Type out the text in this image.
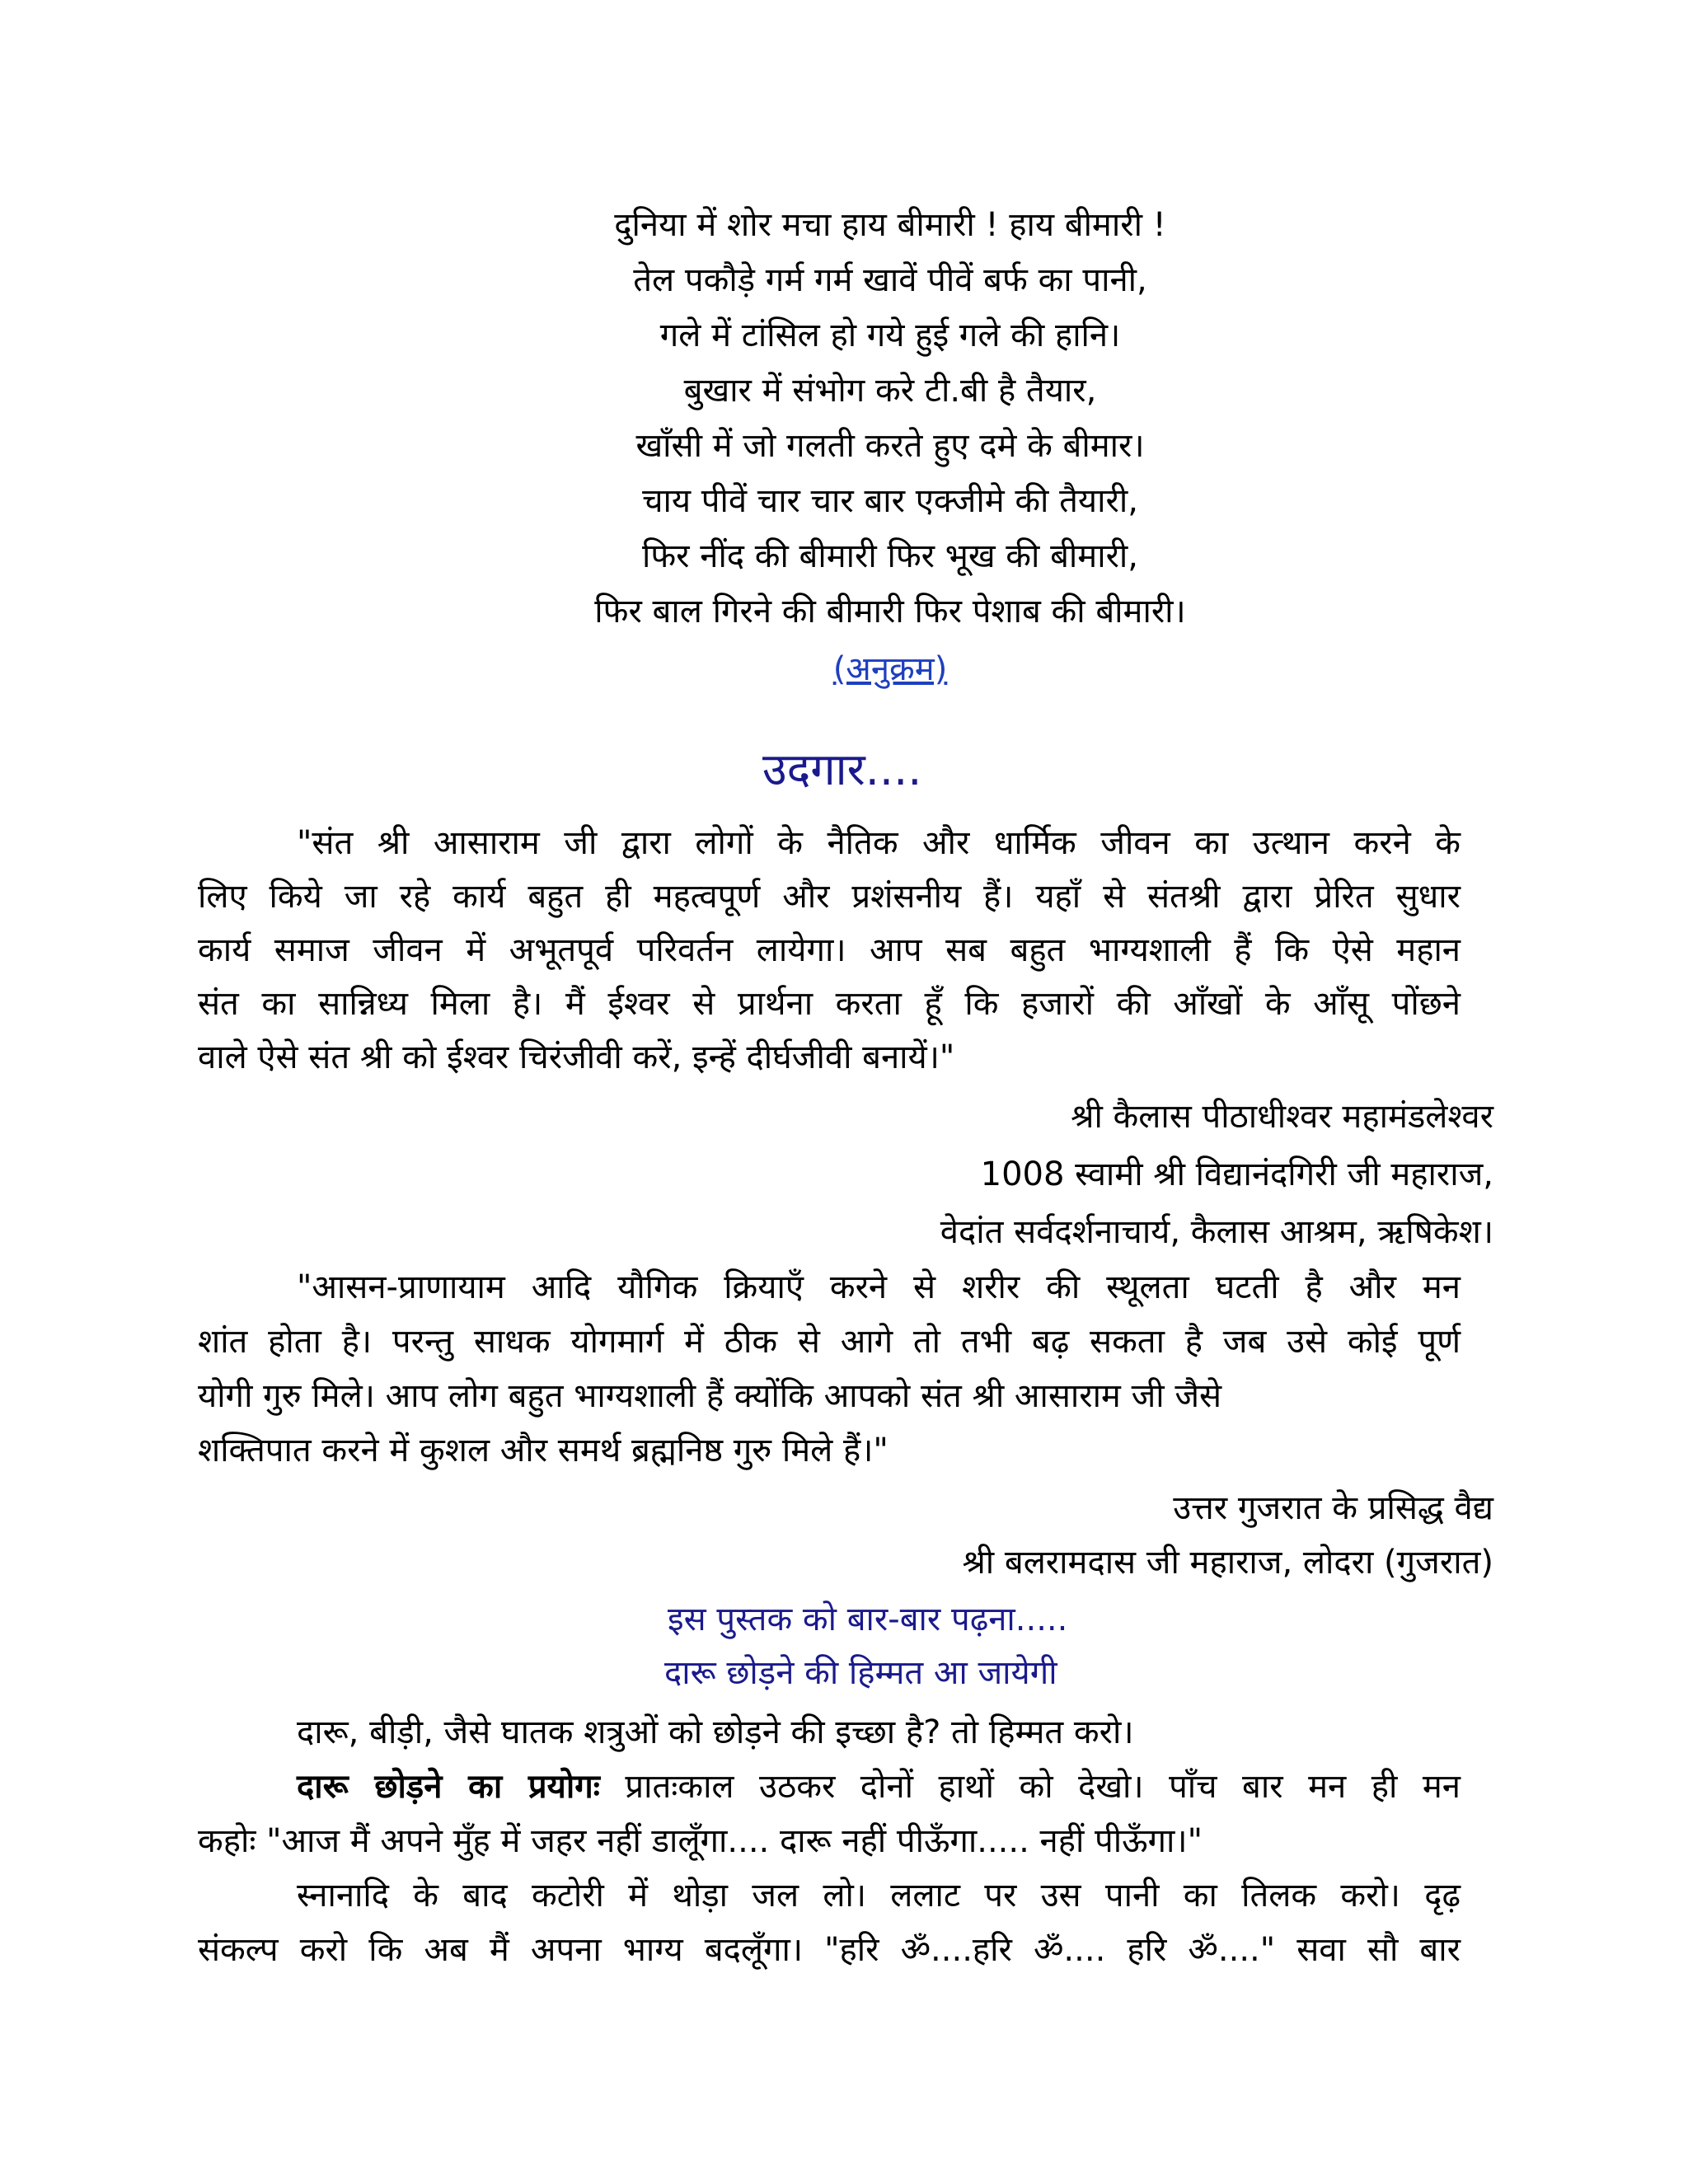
दुनिया में शोर मचा हाय बीमारी ! हाय बीमारी !
तेल पकौड़े गर्म गर्म खावें पीवें बर्फ का पानी,
गले में टांसिल हो गये हुई गले की हानि।
बुखार में संभोग करे टी.बी है तैयार,
खाँसी में जो गलती करते हुए दमे के बीमार।
चाय पीवें चार चार बार एक्जीमे की तैयारी,
फिर नींद की बीमारी फिर भूख की बीमारी,
फिर बाल गिरने की बीमारी फिर पेशाब की बीमारी।
(अनुक्रम)
उदगार....
"संत श्री आसाराम जी द्वारा लोगों के नैतिक और धार्मिक जीवन का उत्थान करने के
लिए किये जा रहे कार्य बहुत ही महत्वपूर्ण और प्रशंसनीय हैं। यहाँ से संतश्री द्वारा प्रेरित सुधार
कार्य समाज जीवन में अभूतपूर्व परिवर्तन लायेगा। आप सब बहुत भाग्यशाली हैं कि ऐसे महान
संत का सान्निध्य मिला है। मैं ईश्वर से प्रार्थना करता हूँ कि हजारों की आँखों के आँसू पोंछने
वाले ऐसे संत श्री को ईश्वर चिरंजीवी करें, इन्हें दीर्घजीवी बनायें।"
श्री कैलास पीठाधीश्वर महामंडलेश्वर
1008 स्वामी श्री विद्यानंदगिरी जी महाराज,
वेदांत सर्वदर्शनाचार्य, कैलास आश्रम, ऋषिकेश।
"आसन-प्राणायाम आदि यौगिक क्रियाएँ करने से शरीर की स्थूलता घटती है और मन
शांत होता है। परन्तु साधक योगमार्ग में ठीक से आगे तो तभी बढ़ सकता है जब उसे कोई पूर्ण
योगी गुरु मिले। आप लोग बहुत भाग्यशाली हैं क्योंकि आपको संत श्री आसाराम जी जैसे
शक्तिपात करने में कुशल और समर्थ ब्रह्मनिष्ठ गुरु मिले हैं।"
उत्तर गुजरात के प्रसिद्ध वैद्य
श्री बलरामदास जी महाराज, लोदरा (गुजरात)
इस पुस्तक को बार-बार पढ़ना.....
दारू छोड़ने की हिम्मत आ जायेगी
दारू, बीड़ी, जैसे घातक शत्रुओं को छोड़ने की इच्छा है? तो हिम्मत करो।
दारू छोड़ने का प्रयोगः प्रातःकाल उठकर दोनों हाथों को देखो। पाँच बार मन ही मन
कहोः "आज मैं अपने मुँह में जहर नहीं डालूँगा.... दारू नहीं पीऊँगा..... नहीं पीऊँगा।"
स्नानादि के बाद कटोरी में थोड़ा जल लो। ललाट पर उस पानी का तिलक करो। दृढ़
संकल्प करो कि अब मैं अपना भाग्य बदलूँगा। "हरि ॐ....हरि ॐ.... हरि ॐ...." सवा सौ बार
